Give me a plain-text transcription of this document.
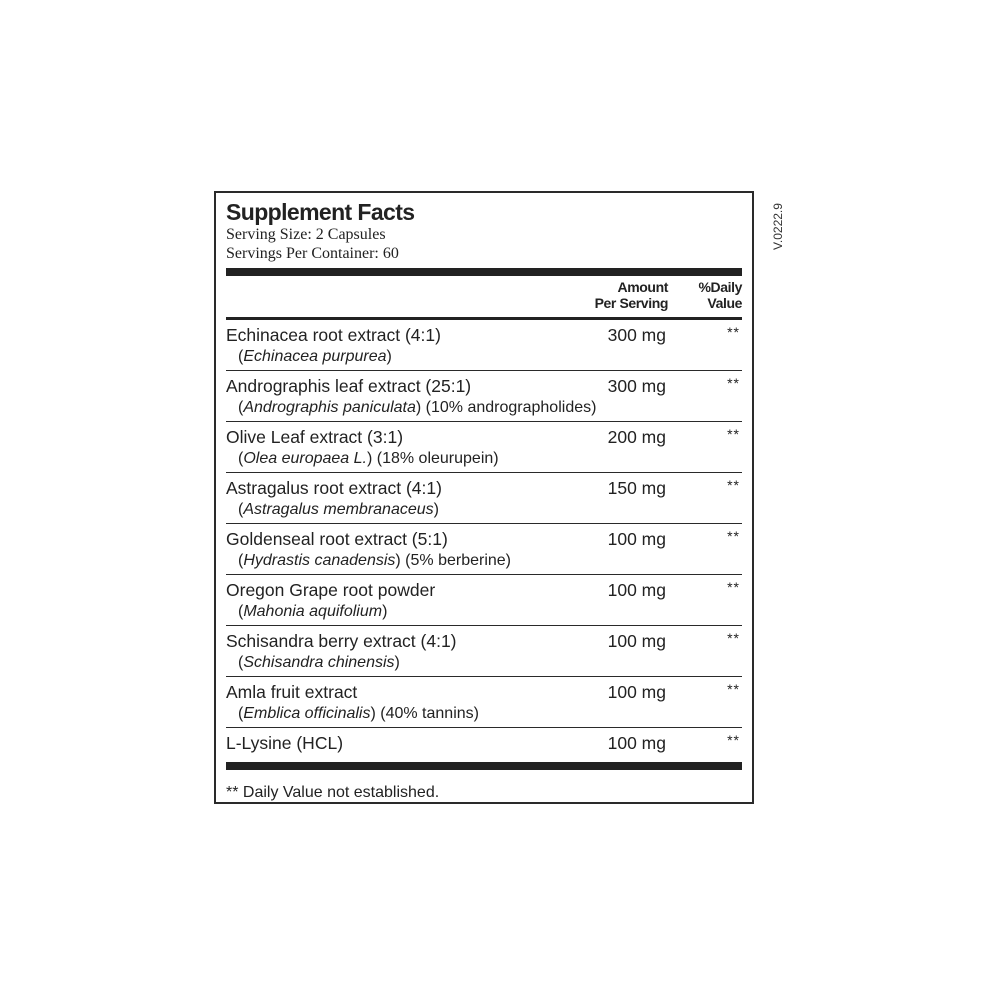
Supplement Facts
Serving Size: 2 Capsules
Servings Per Container: 60
Amount
Per Serving
%Daily
Value
Echinacea root extract (4:1)
(Echinacea purpurea)
300 mg	**
Andrographis leaf extract (25:1)
(Andrographis paniculata) (10% andrographolides)
300 mg	**
Olive Leaf extract (3:1)
(Olea europaea L.) (18% oleurupein)
200 mg	**
Astragalus root extract (4:1)
(Astragalus membranaceus)
150 mg	**
Goldenseal root extract (5:1)
(Hydrastis canadensis) (5% berberine)
100 mg	**
Oregon Grape root powder
(Mahonia aquifolium)
100 mg	**
Schisandra berry extract (4:1)
(Schisandra chinensis)
100 mg	**
Amla fruit extract
(Emblica officinalis) (40% tannins)
100 mg	**
L-Lysine (HCL)	100 mg	**
** Daily Value not established.
V.0222.9
